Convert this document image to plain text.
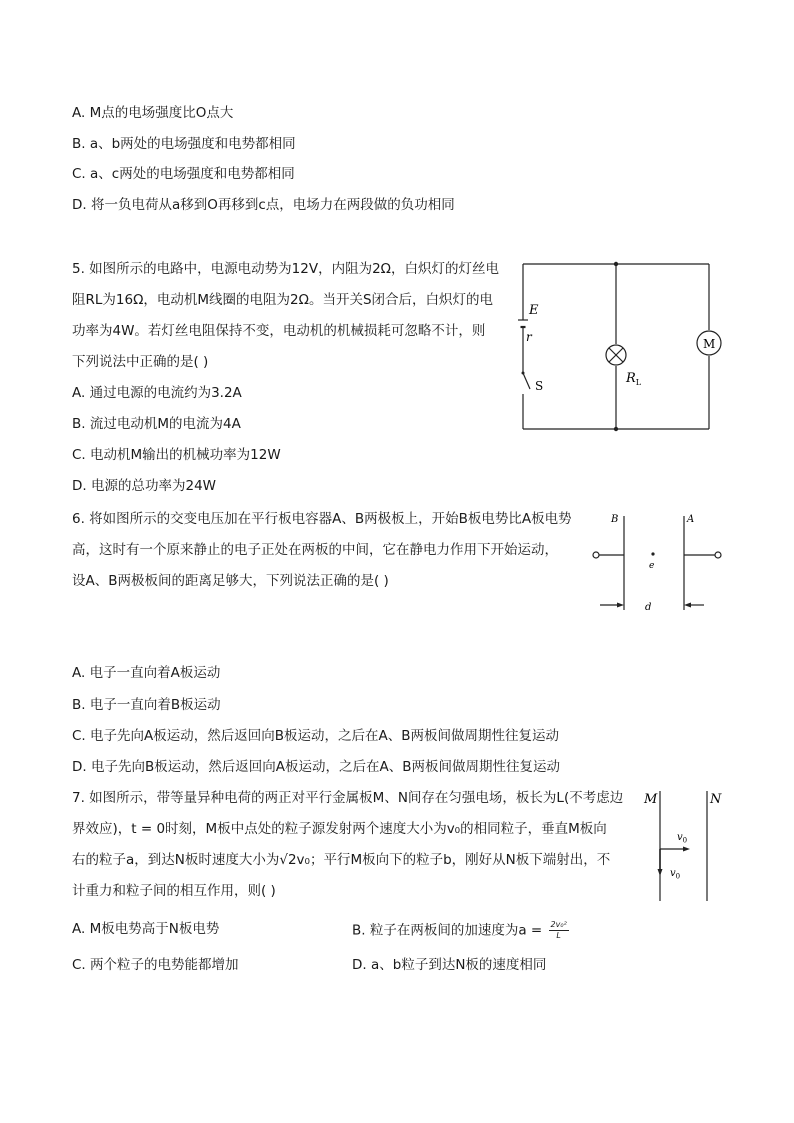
A. M点的电场强度比O点大
B. a、b两处的电场强度和电势都相同
C. a、c两处的电场强度和电势都相同
D. 将一负电荷从a移到O再移到c点，电场力在两段做的负功相同
5. 如图所示的电路中，电源电动势为12V，内阻为2Ω，白炽灯的灯丝电
阻RL为16Ω，电动机M线圈的电阻为2Ω。当开关S闭合后，白炽灯的电
功率为4W。若灯丝电阻保持不变，电动机的机械损耗可忽略不计，则
下列说法中正确的是( )
A. 通过电源的电流约为3.2A
B. 流过电动机M的电流为4A
C. 电动机M输出的机械功率为12W
D. 电源的总功率为24W
E
r
S	$R_L$
M
6. 将如图所示的交变电压加在平行板电容器A、B两极板上，开始B板电势比A板电势
高，这时有一个原来静止的电子正处在两板的中间，它在静电力作用下开始运动，
设A、B两极板间的距离足够大，下列说法正确的是( )
B	A
e
d
A. 电子一直向着A板运动
B. 电子一直向着B板运动
C. 电子先向A板运动，然后返回向B板运动，之后在A、B两板间做周期性往复运动
D. 电子先向B板运动，然后返回向A板运动，之后在A、B两板间做周期性往复运动
7. 如图所示，带等量异种电荷的两正对平行金属板M、N间存在匀强电场，板长为L(不考虑边
界效应)，t = 0时刻，M板中点处的粒子源发射两个速度大小为v₀的相同粒子，垂直M板向
右的粒子a，到达N板时速度大小为√2v₀；平行M板向下的粒子b，刚好从N板下端射出，不
计重力和粒子间的相互作用，则( )
M	N
$v_0$
$v_0$
A. M板电势高于N板电势	B. 粒子在两板间的加速度为$a = \frac{\text{2v₀²}}{L}$
C. 两个粒子的电势能都增加	D. a、b粒子到达N板的速度相同
